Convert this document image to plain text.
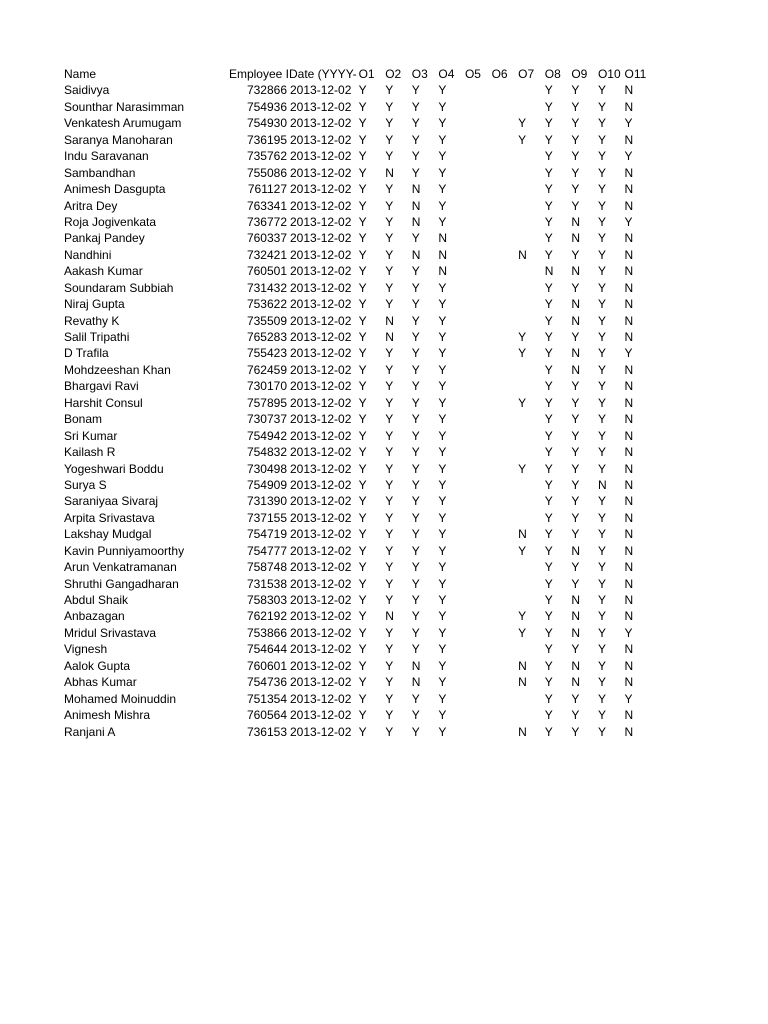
Name	Employee I	Date (YYYY-	O1	O2	O3	O4	O5	O6	O7	O8	O9	O10	O11
Saidivya	732866	2013-12-02	Y	Y	Y	Y				Y	Y	Y	N
Sounthar Narasimman	754936	2013-12-02	Y	Y	Y	Y				Y	Y	Y	N
Venkatesh Arumugam	754930	2013-12-02	Y	Y	Y	Y			Y	Y	Y	Y	Y
Saranya Manoharan	736195	2013-12-02	Y	Y	Y	Y			Y	Y	Y	Y	N
Indu Saravanan	735762	2013-12-02	Y	Y	Y	Y				Y	Y	Y	Y
Sambandhan	755086	2013-12-02	Y	N	Y	Y				Y	Y	Y	N
Animesh Dasgupta	761127	2013-12-02	Y	Y	N	Y				Y	Y	Y	N
Aritra Dey	763341	2013-12-02	Y	Y	N	Y				Y	Y	Y	N
Roja Jogivenkata	736772	2013-12-02	Y	Y	N	Y				Y	N	Y	Y
Pankaj Pandey	760337	2013-12-02	Y	Y	Y	N				Y	N	Y	N
Nandhini	732421	2013-12-02	Y	Y	N	N			N	Y	Y	Y	N
Aakash Kumar	760501	2013-12-02	Y	Y	Y	N				N	N	Y	N
Soundaram Subbiah	731432	2013-12-02	Y	Y	Y	Y				Y	Y	Y	N
Niraj Gupta	753622	2013-12-02	Y	Y	Y	Y				Y	N	Y	N
Revathy K	735509	2013-12-02	Y	N	Y	Y				Y	N	Y	N
Salil Tripathi	765283	2013-12-02	Y	N	Y	Y			Y	Y	Y	Y	N
D Trafila	755423	2013-12-02	Y	Y	Y	Y			Y	Y	N	Y	Y
Mohdzeeshan Khan	762459	2013-12-02	Y	Y	Y	Y				Y	N	Y	N
Bhargavi Ravi	730170	2013-12-02	Y	Y	Y	Y				Y	Y	Y	N
Harshit Consul	757895	2013-12-02	Y	Y	Y	Y			Y	Y	Y	Y	N
Bonam	730737	2013-12-02	Y	Y	Y	Y				Y	Y	Y	N
Sri Kumar	754942	2013-12-02	Y	Y	Y	Y				Y	Y	Y	N
Kailash R	754832	2013-12-02	Y	Y	Y	Y				Y	Y	Y	N
Yogeshwari Boddu	730498	2013-12-02	Y	Y	Y	Y			Y	Y	Y	Y	N
Surya S	754909	2013-12-02	Y	Y	Y	Y				Y	Y	N	N
Saraniyaa Sivaraj	731390	2013-12-02	Y	Y	Y	Y				Y	Y	Y	N
Arpita Srivastava	737155	2013-12-02	Y	Y	Y	Y				Y	Y	Y	N
Lakshay Mudgal	754719	2013-12-02	Y	Y	Y	Y			N	Y	Y	Y	N
Kavin Punniyamoorthy	754777	2013-12-02	Y	Y	Y	Y			Y	Y	N	Y	N
Arun Venkatramanan	758748	2013-12-02	Y	Y	Y	Y				Y	Y	Y	N
Shruthi Gangadharan	731538	2013-12-02	Y	Y	Y	Y				Y	Y	Y	N
Abdul Shaik	758303	2013-12-02	Y	Y	Y	Y				Y	N	Y	N
Anbazagan	762192	2013-12-02	Y	N	Y	Y			Y	Y	N	Y	N
Mridul Srivastava	753866	2013-12-02	Y	Y	Y	Y			Y	Y	N	Y	Y
Vignesh	754644	2013-12-02	Y	Y	Y	Y				Y	Y	Y	N
Aalok Gupta	760601	2013-12-02	Y	Y	N	Y			N	Y	N	Y	N
Abhas Kumar	754736	2013-12-02	Y	Y	N	Y			N	Y	N	Y	N
Mohamed Moinuddin	751354	2013-12-02	Y	Y	Y	Y				Y	Y	Y	Y
Animesh Mishra	760564	2013-12-02	Y	Y	Y	Y				Y	Y	Y	N
Ranjani A	736153	2013-12-02	Y	Y	Y	Y			N	Y	Y	Y	N
